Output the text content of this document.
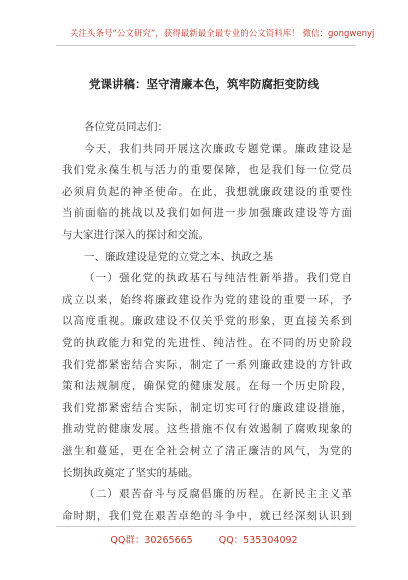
关注头条号“公文研究”，获得最新最全最专业的公文资料库！ 微信：gongwenyj
党课讲稿：坚守清廉本色，筑牢防腐拒变防线
各位党员同志们：
今天，我们共同开展这次廉政专题党课。廉政建设是
我们党永葆生机与活力的重要保障，也是我们每一位党员
必须肩负起的神圣使命。在此，我想就廉政建设的重要性
当前面临的挑战以及我们如何进一步加强廉政建设等方面
与大家进行深入的探讨和交流。
一、廉政建设是党的立党之本、执政之基
（一）强化党的执政基石与纯洁性新举措。我们党自
成立以来，始终将廉政建设作为党的建设的重要一环，予
以高度重视。廉政建设不仅关乎党的形象，更直接关系到
党的执政能力和党的先进性、纯洁性。在不同的历史阶段
我们党都紧密结合实际，制定了一系列廉政建设的方针政
策和法规制度，确保党的健康发展。在每一个历史阶段，
我们党都紧密结合实际，制定切实可行的廉政建设措施，
推动党的健康发展。这些措施不仅有效遏制了腐败现象的
滋生和蔓延，更在全社会树立了清正廉洁的风气，为党的
长期执政奠定了坚实的基础。
（二）艰苦奋斗与反腐倡廉的历程。在新民主主义革
命时期，我们党在艰苦卓绝的斗争中，就已经深刻认识到
QQ群：30265665	QQ：535304092
